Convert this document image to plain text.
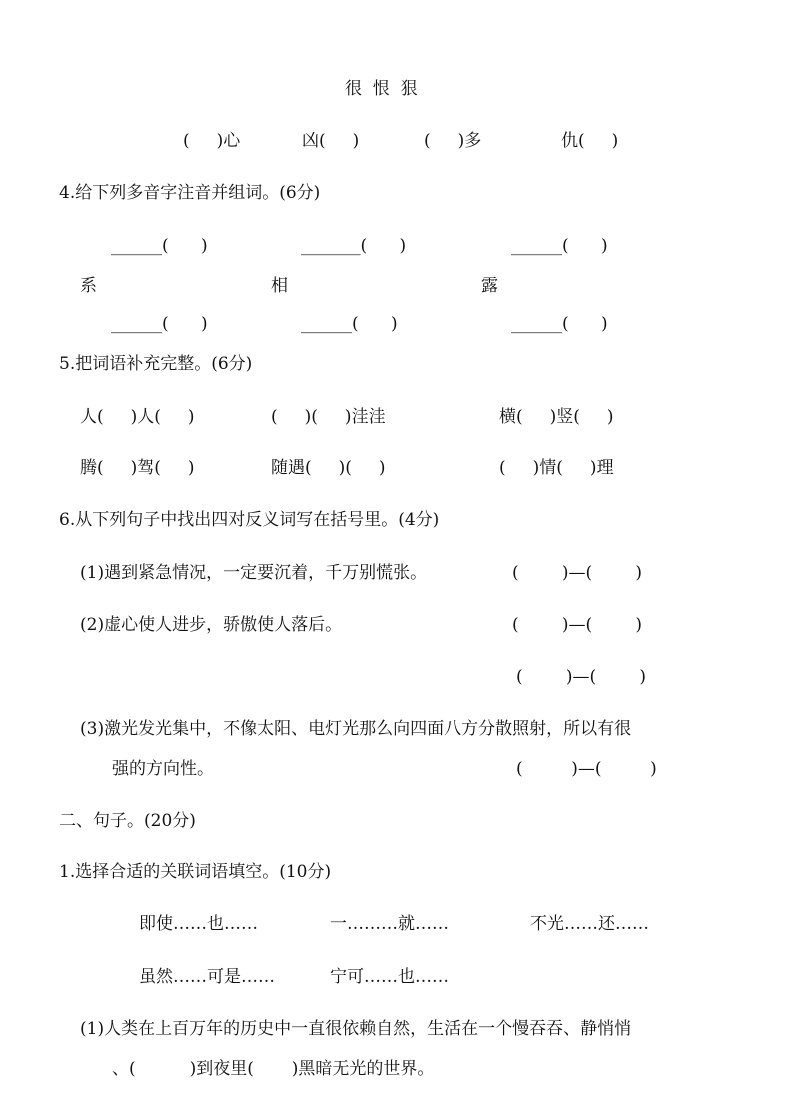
很  恨  狠
(     )心	凶(     )	(     )多	仇(     )
4.给下列多音字注音并组词。(6分)
______(      )	_______(      )	______(      )
系	相	露
______(      )	______(      )	______(      )
5.把词语补充完整。(6分)
人(     )人(     )	(     )(     )洼洼	横(     )竖(     )
腾(     )驾(     )	随遇(     )(     )	(     )情(     )理
6.从下列句子中找出四对反义词写在括号里。(4分)
(1)遇到紧急情况，一定要沉着，千万别慌张。	(        )—(        )
(2)虚心使人进步，骄傲使人落后。	(        )—(        )
(        )—(        )
(3)激光发光集中，不像太阳、电灯光那么向四面八方分散照射，所以有很
强的方向性。	(         )—(         )
二、句子。(20分)
1.选择合适的关联词语填空。(10分)
即使……也……	一………就……	不光……还……
虽然……可是……	宁可……也……
(1)人类在上百万年的历史中一直很依赖自然，生活在一个慢吞吞、静悄悄
、(          )到夜里(       )黑暗无光的世界。
